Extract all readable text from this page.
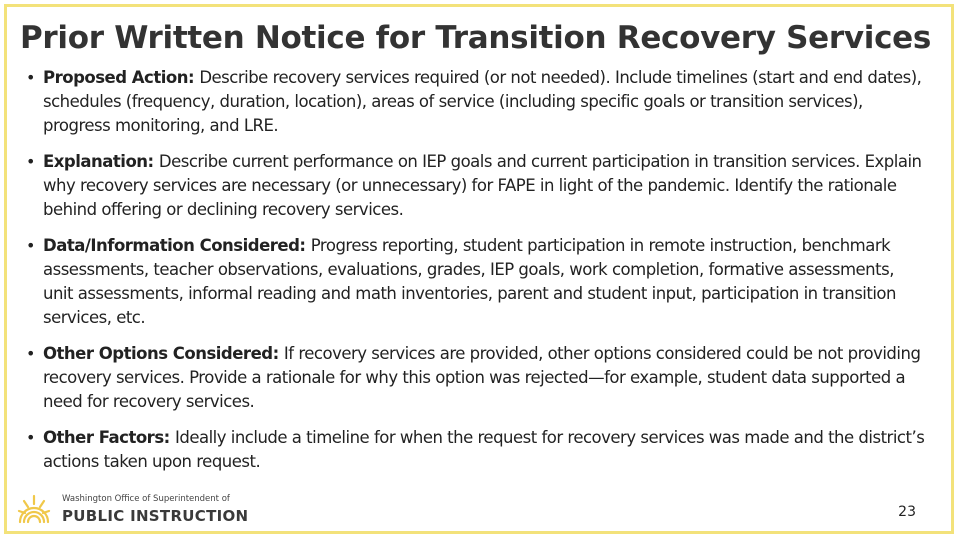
Prior Written Notice for Transition Recovery Services
• Proposed Action: Describe recovery services required (or not needed). Include timelines (start and end dates), schedules (frequency, duration, location), areas of service (including specific goals or transition services), progress monitoring, and LRE.
• Explanation: Describe current performance on IEP goals and current participation in transition services. Explain why recovery services are necessary (or unnecessary) for FAPE in light of the pandemic. Identify the rationale behind offering or declining recovery services.
• Data/Information Considered: Progress reporting, student participation in remote instruction, benchmark assessments, teacher observations, evaluations, grades, IEP goals, work completion, formative assessments, unit assessments, informal reading and math inventories, parent and student input, participation in transition services, etc.
• Other Options Considered: If recovery services are provided, other options considered could be not providing recovery services. Provide a rationale for why this option was rejected—for example, student data supported a need for recovery services.
• Other Factors: Ideally include a timeline for when the request for recovery services was made and the district’s actions taken upon request.
Washington Office of Superintendent of
PUBLIC INSTRUCTION	23
